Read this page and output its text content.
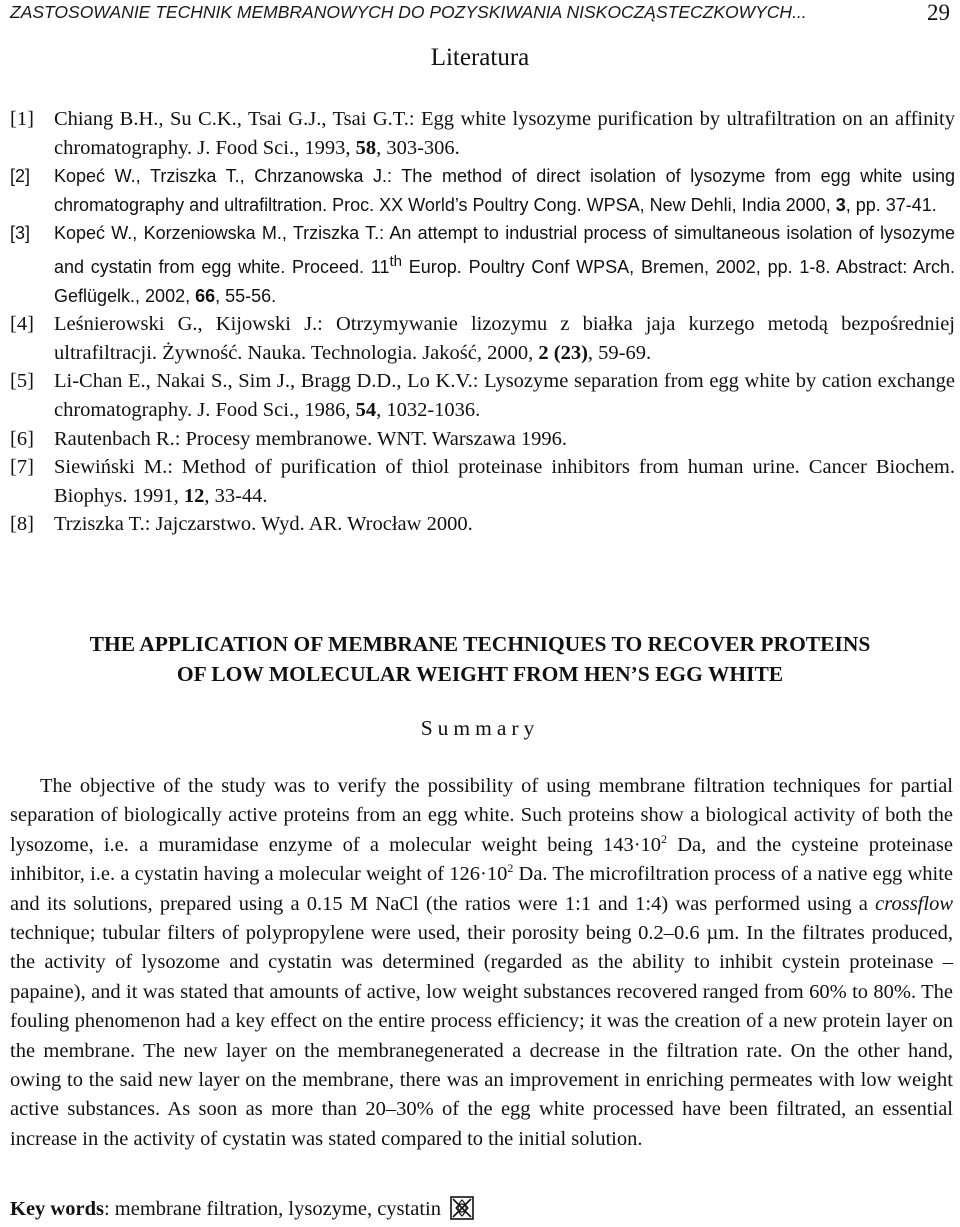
ZASTOSOWANIE TECHNIK MEMBRANOWYCH DO POZYSKIWANIA NISKOCZĄSTECZKOWYCH...	29
Literatura
[1] Chiang B.H., Su C.K., Tsai G.J., Tsai G.T.: Egg white lysozyme purification by ultrafiltration on an affinity chromatography. J. Food Sci., 1993, 58, 303-306.
[2] Kopeć W., Trziszka T., Chrzanowska J.: The method of direct isolation of lysozyme from egg white using chromatography and ultrafiltration. Proc. XX World’s Poultry Cong. WPSA, New Dehli, India 2000, 3, pp. 37-41.
[3] Kopeć W., Korzeniowska M., Trziszka T.: An attempt to industrial process of simultaneous isolation of lysozyme and cystatin from egg white. Proceed. 11th Europ. Poultry Conf WPSA, Bremen, 2002, pp. 1-8. Abstract: Arch. Geflügelk., 2002, 66, 55-56.
[4] Leśnierowski G., Kijowski J.: Otrzymywanie lizozymu z białka jaja kurzego metodą bezpośredniej ultrafiltracji. Żywność. Nauka. Technologia. Jakość, 2000, 2 (23), 59-69.
[5] Li-Chan E., Nakai S., Sim J., Bragg D.D., Lo K.V.: Lysozyme separation from egg white by cation exchange chromatography. J. Food Sci., 1986, 54, 1032-1036.
[6] Rautenbach R.: Procesy membranowe. WNT. Warszawa 1996.
[7] Siewiński M.: Method of purification of thiol proteinase inhibitors from human urine. Cancer Biochem. Biophys. 1991, 12, 33-44.
[8] Trziszka T.: Jajczarstwo. Wyd. AR. Wrocław 2000.
THE APPLICATION OF MEMBRANE TECHNIQUES TO RECOVER PROTEINS
OF LOW MOLECULAR WEIGHT FROM HEN’S EGG WHITE
Summary
The objective of the study was to verify the possibility of using membrane filtration techniques for partial separation of biologically active proteins from an egg white. Such proteins show a biological activity of both the lysozome, i.e. a muramidase enzyme of a molecular weight being $143\cdot 10^2$ Da, and the cysteine proteinase inhibitor, i.e. a cystatin having a molecular weight of $126\cdot 10^2$ Da. The microfiltration process of a native egg white and its solutions, prepared using a 0.15 M NaCl (the ratios were 1:1 and 1:4) was performed using a crossflow technique; tubular filters of polypropylene were used, their porosity being 0.2–0.6 µm. In the filtrates produced, the activity of lysozome and cystatin was determined (regarded as the ability to inhibit cystein proteinase – papaine), and it was stated that amounts of active, low weight substances recovered ranged from 60% to 80%. The fouling phenomenon had a key effect on the entire process efficiency; it was the creation of a new protein layer on the membrane. The new layer on the membranegenerated a decrease in the filtration rate. On the other hand, owing to the said new layer on the membrane, there was an improvement in enriching permeates with low weight active substances. As soon as more than 20–30% of the egg white processed have been filtrated, an essential increase in the activity of cystatin was stated compared to the initial solution.
Key words: membrane filtration, lysozyme, cystatin
